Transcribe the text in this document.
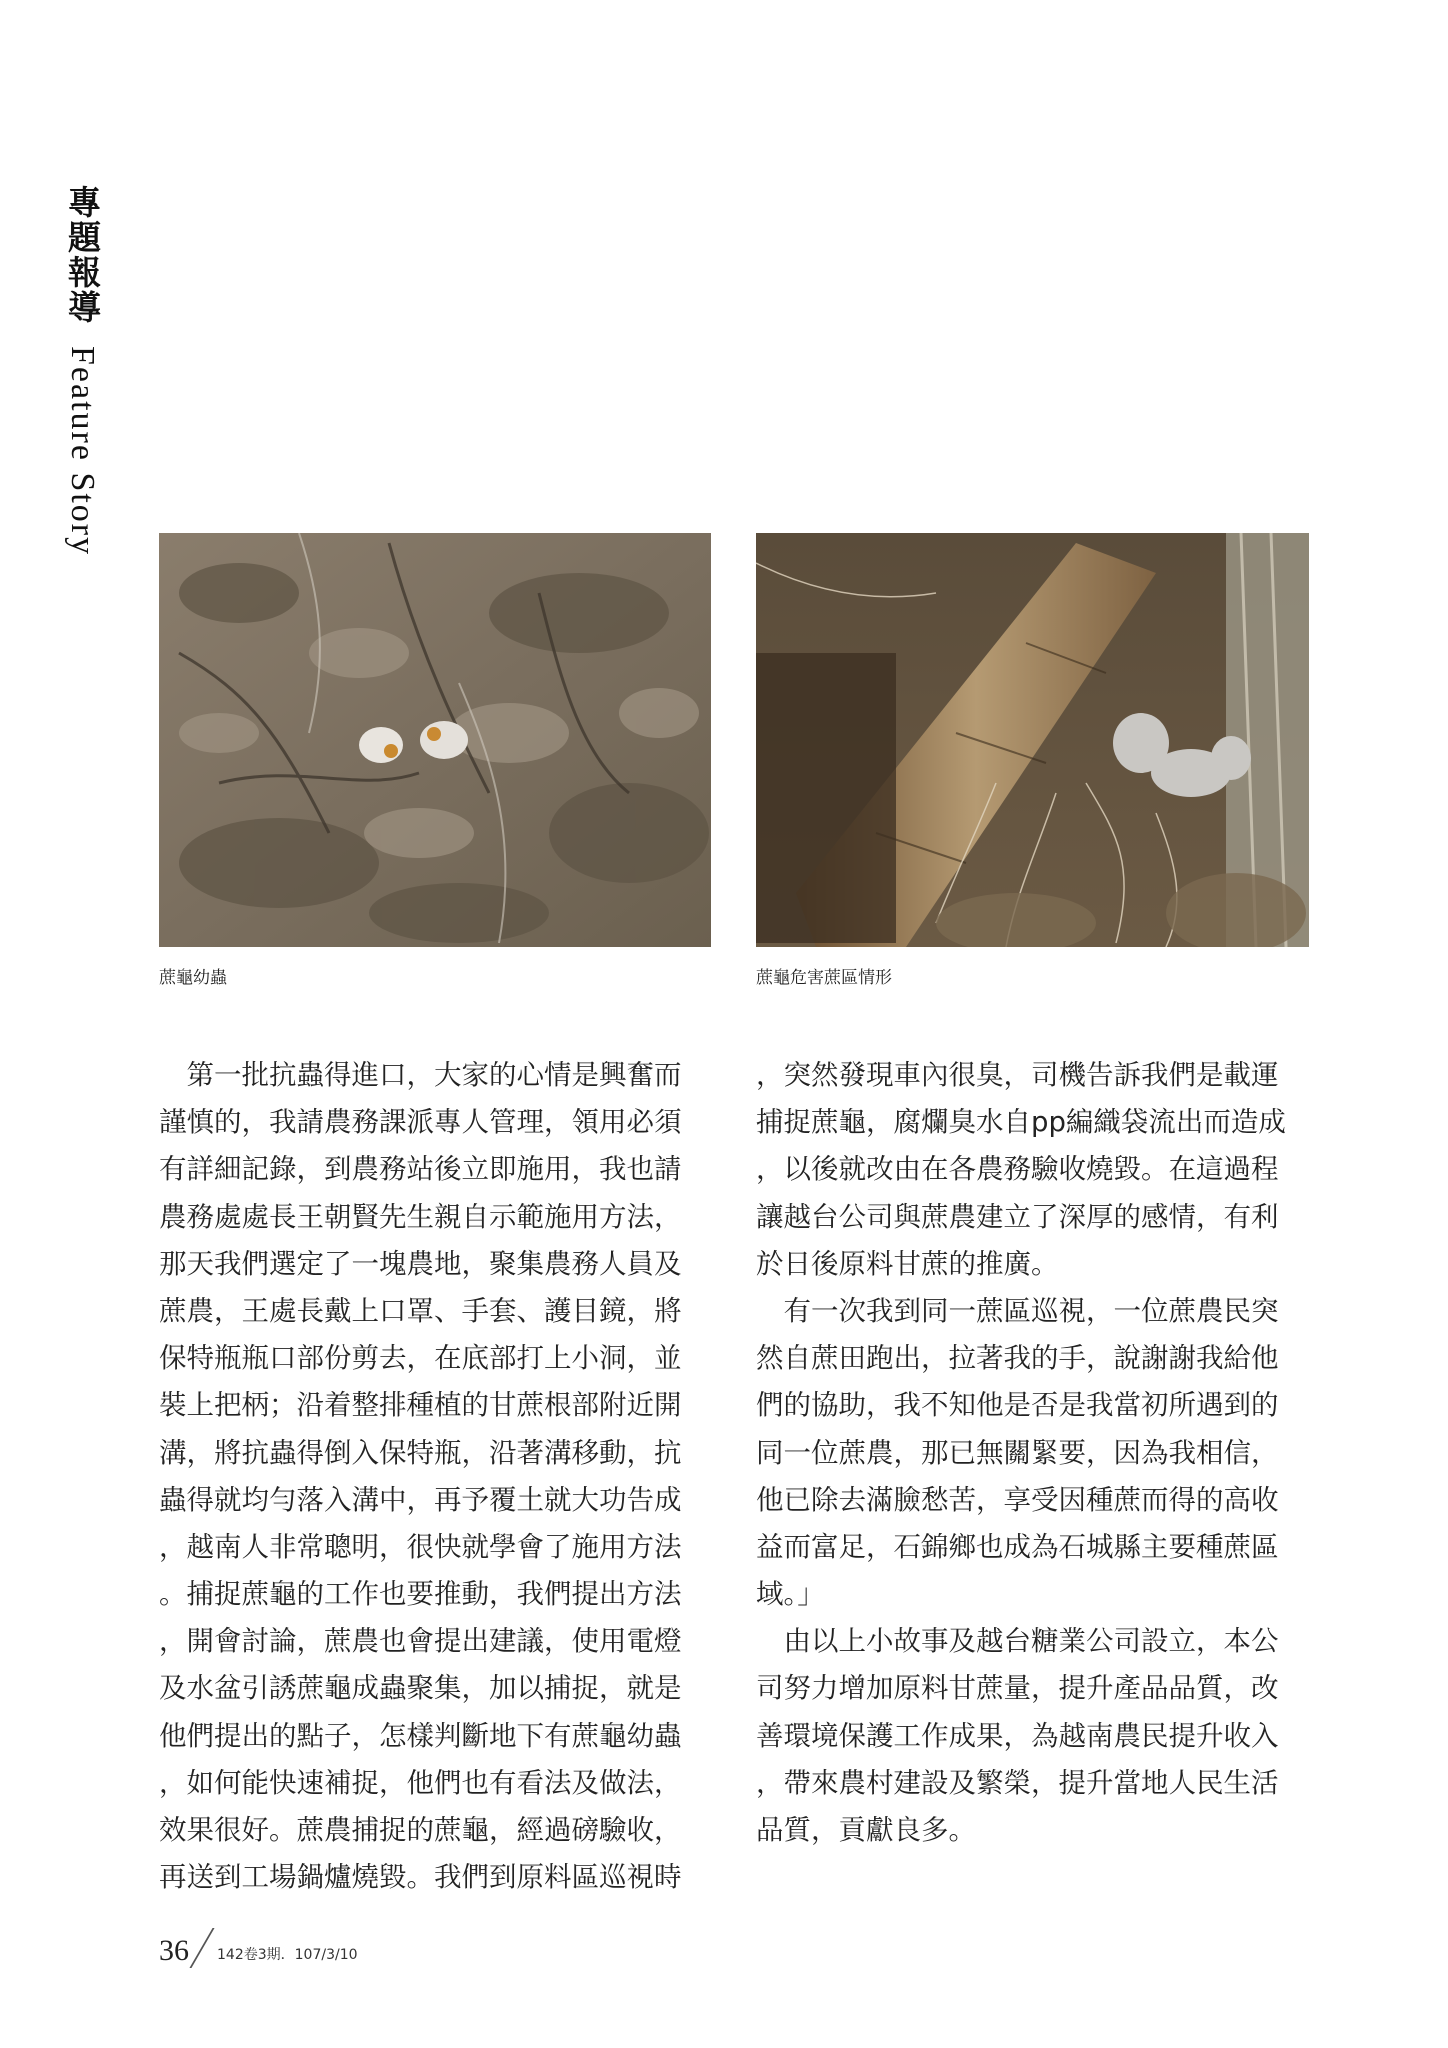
專題報導 Feature Story
蔗龜幼蟲	蔗龜危害蔗區情形
　第一批抗蟲得進口，大家的心情是興奮而
謹慎的，我請農務課派專人管理，領用必須
有詳細記錄，到農務站後立即施用，我也請
農務處處長王朝賢先生親自示範施用方法，
那天我們選定了一塊農地，聚集農務人員及
蔗農，王處長戴上口罩、手套、護目鏡，將
保特瓶瓶口部份剪去，在底部打上小洞，並
裝上把柄；沿着整排種植的甘蔗根部附近開
溝，將抗蟲得倒入保特瓶，沿著溝移動，抗
蟲得就均勻落入溝中，再予覆土就大功告成
，越南人非常聰明，很快就學會了施用方法
。捕捉蔗龜的工作也要推動，我們提出方法
，開會討論，蔗農也會提出建議，使用電燈
及水盆引誘蔗龜成蟲聚集，加以捕捉，就是
他們提出的點子，怎樣判斷地下有蔗龜幼蟲
，如何能快速補捉，他們也有看法及做法，
效果很好。蔗農捕捉的蔗龜，經過磅驗收，
再送到工場鍋爐燒毀。我們到原料區巡視時
，突然發現車內很臭，司機告訴我們是載運
捕捉蔗龜，腐爛臭水自pp編織袋流出而造成
，以後就改由在各農務驗收燒毀。在這過程
讓越台公司與蔗農建立了深厚的感情，有利
於日後原料甘蔗的推廣。
　有一次我到同一蔗區巡視，一位蔗農民突
然自蔗田跑出，拉著我的手，說謝謝我給他
們的協助，我不知他是否是我當初所遇到的
同一位蔗農，那已無關緊要，因為我相信，
他已除去滿臉愁苦，享受因種蔗而得的高收
益而富足，石錦鄉也成為石城縣主要種蔗區
域。」
　由以上小故事及越台糖業公司設立，本公
司努力增加原料甘蔗量，提升產品品質，改
善環境保護工作成果，為越南農民提升收入
，帶來農村建設及繁榮，提升當地人民生活
品質，貢獻良多。
36 142卷3期．107/3/10
